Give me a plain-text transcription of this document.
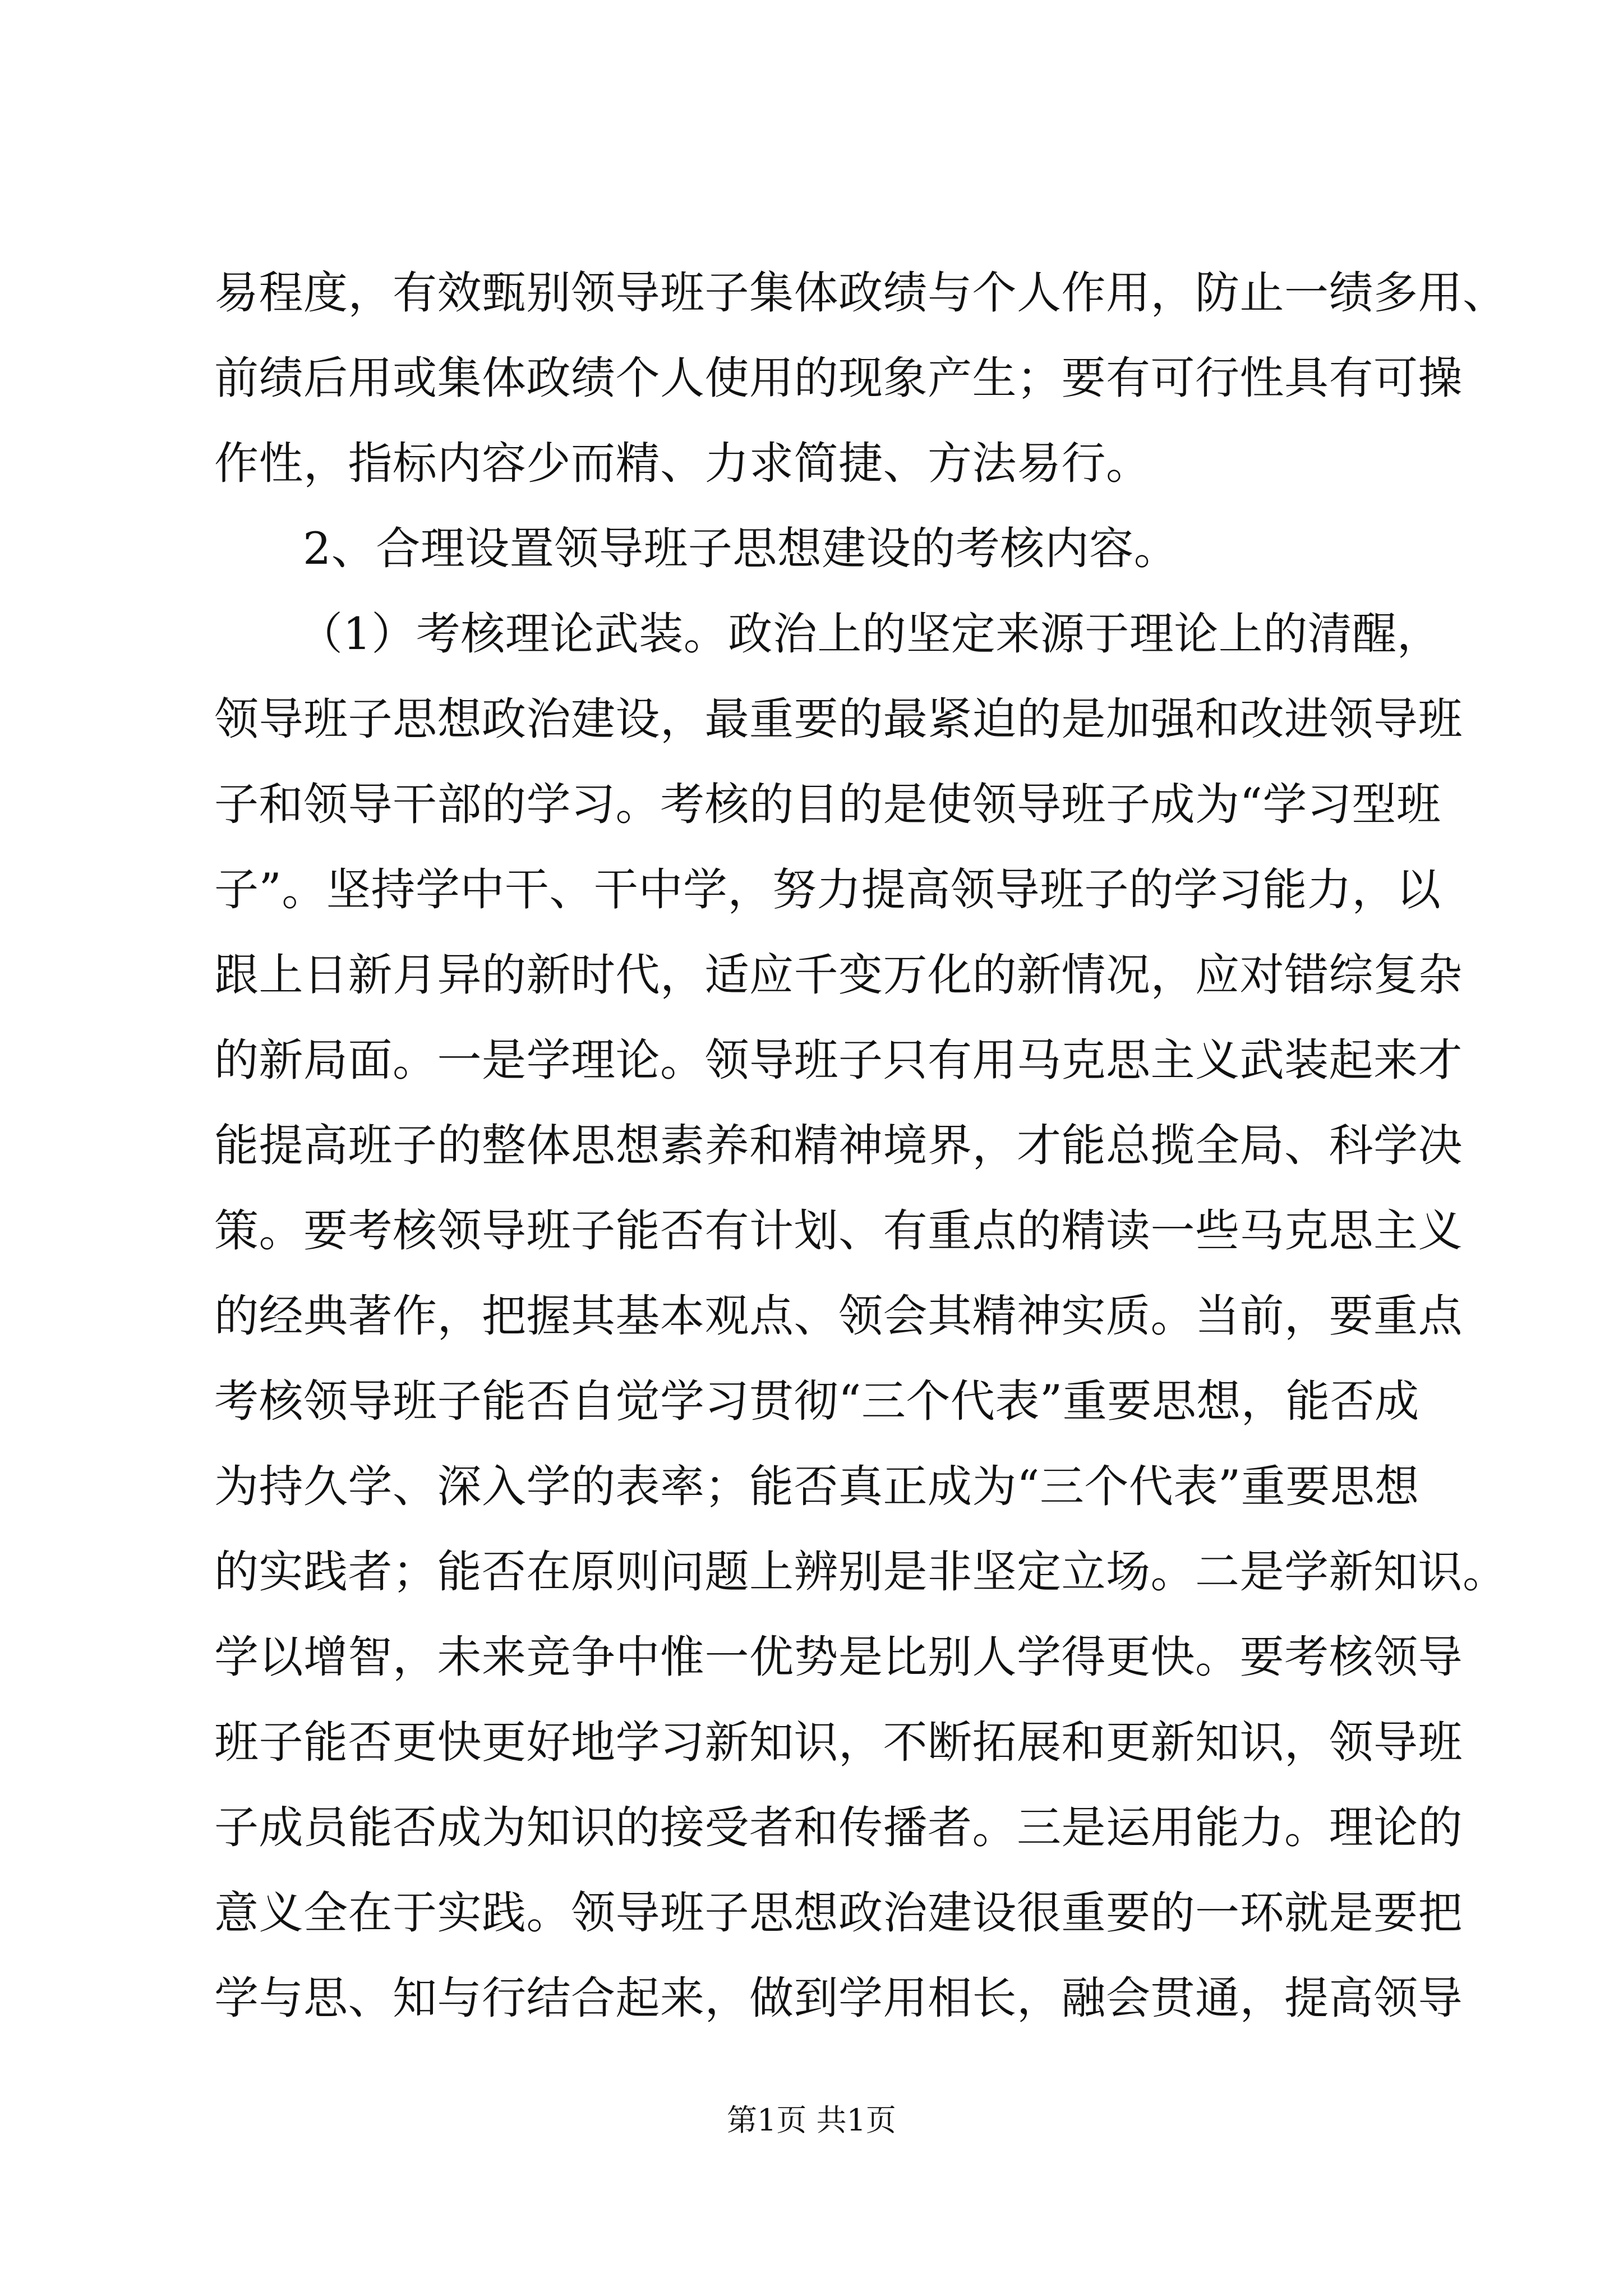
易程度，有效甄别领导班子集体政绩与个人作用，防止一绩多用、
前绩后用或集体政绩个人使用的现象产生；要有可行性具有可操
作性，指标内容少而精、力求简捷、方法易行。
2、合理设置领导班子思想建设的考核内容。
（1）考核理论武装。政治上的坚定来源于理论上的清醒，
领导班子思想政治建设，最重要的最紧迫的是加强和改进领导班
子和领导干部的学习。考核的目的是使领导班子成为“学习型班
子”。坚持学中干、干中学，努力提高领导班子的学习能力，以
跟上日新月异的新时代，适应千变万化的新情况，应对错综复杂
的新局面。一是学理论。领导班子只有用马克思主义武装起来才
能提高班子的整体思想素养和精神境界，才能总揽全局、科学决
策。要考核领导班子能否有计划、有重点的精读一些马克思主义
的经典著作，把握其基本观点、领会其精神实质。当前，要重点
考核领导班子能否自觉学习贯彻“三个代表”重要思想，能否成
为持久学、深入学的表率；能否真正成为“三个代表”重要思想
的实践者；能否在原则问题上辨别是非坚定立场。二是学新知识。
学以增智，未来竞争中惟一优势是比别人学得更快。要考核领导
班子能否更快更好地学习新知识，不断拓展和更新知识，领导班
子成员能否成为知识的接受者和传播者。三是运用能力。理论的
意义全在于实践。领导班子思想政治建设很重要的一环就是要把
学与思、知与行结合起来，做到学用相长，融会贯通，提高领导
第1页 共1页
